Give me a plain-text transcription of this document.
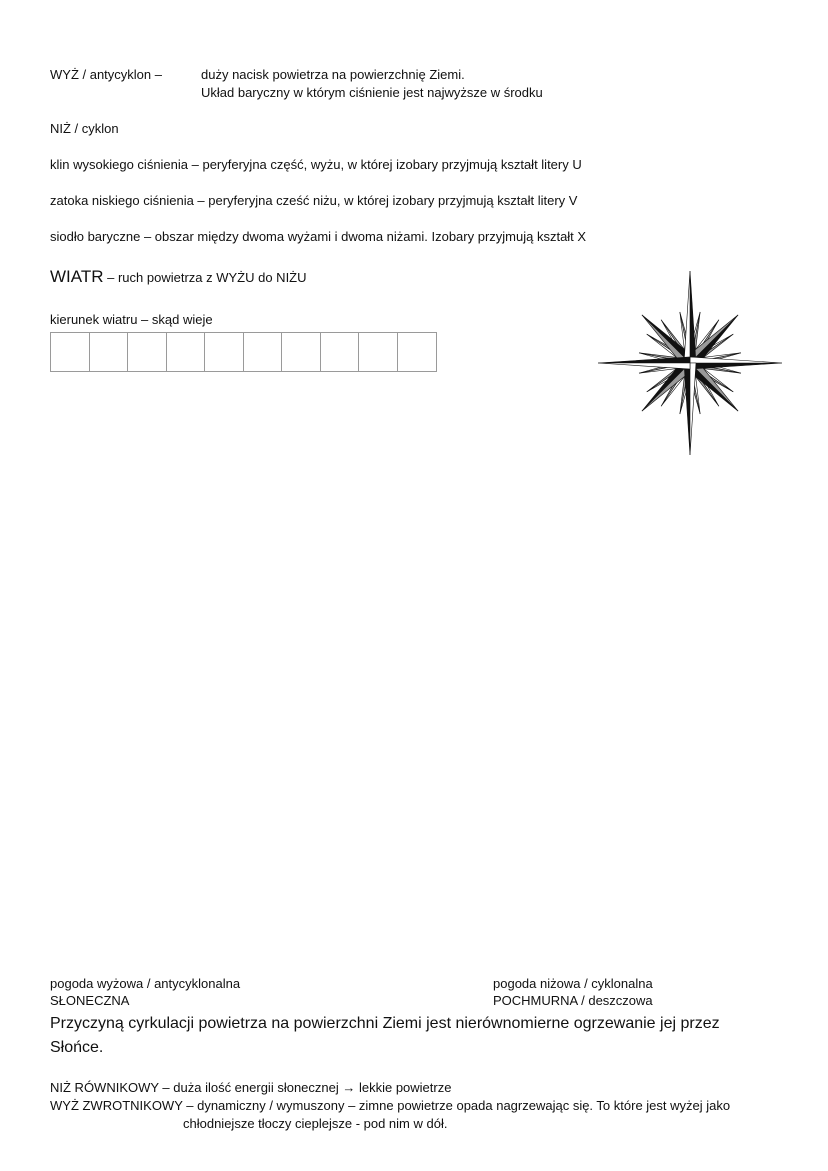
WYŻ / antycyklon –	duży nacisk powietrza na powierzchnię Ziemi.
Układ baryczny w którym ciśnienie jest najwyższe w środku
NIŻ / cyklon
klin wysokiego ciśnienia – peryferyjna część, wyżu, w której izobary przyjmują kształt litery U
zatoka niskiego ciśnienia – peryferyjna cześć niżu, w której izobary przyjmują kształt litery V
siodło baryczne – obszar między dwoma wyżami i dwoma niżami. Izobary przyjmują kształt X
WIATR – ruch powietrza z WYŻU do NIŻU
kierunek wiatru – skąd wieje
pogoda wyżowa / antycyklonalna
SŁONECZNA
pogoda niżowa / cyklonalna
POCHMURNA / deszczowa
Przyczyną cyrkulacji powietrza na powierzchni Ziemi jest nierównomierne ogrzewanie jej przez Słońce.
NIŻ RÓWNIKOWY – duża ilość energii słonecznej → lekkie powietrze
WYŻ ZWROTNIKOWY – dynamiczny / wymuszony – zimne powietrze opada nagrzewając się. To które jest wyżej jako
chłodniejsze tłoczy cieplejsze - pod nim w dół.
